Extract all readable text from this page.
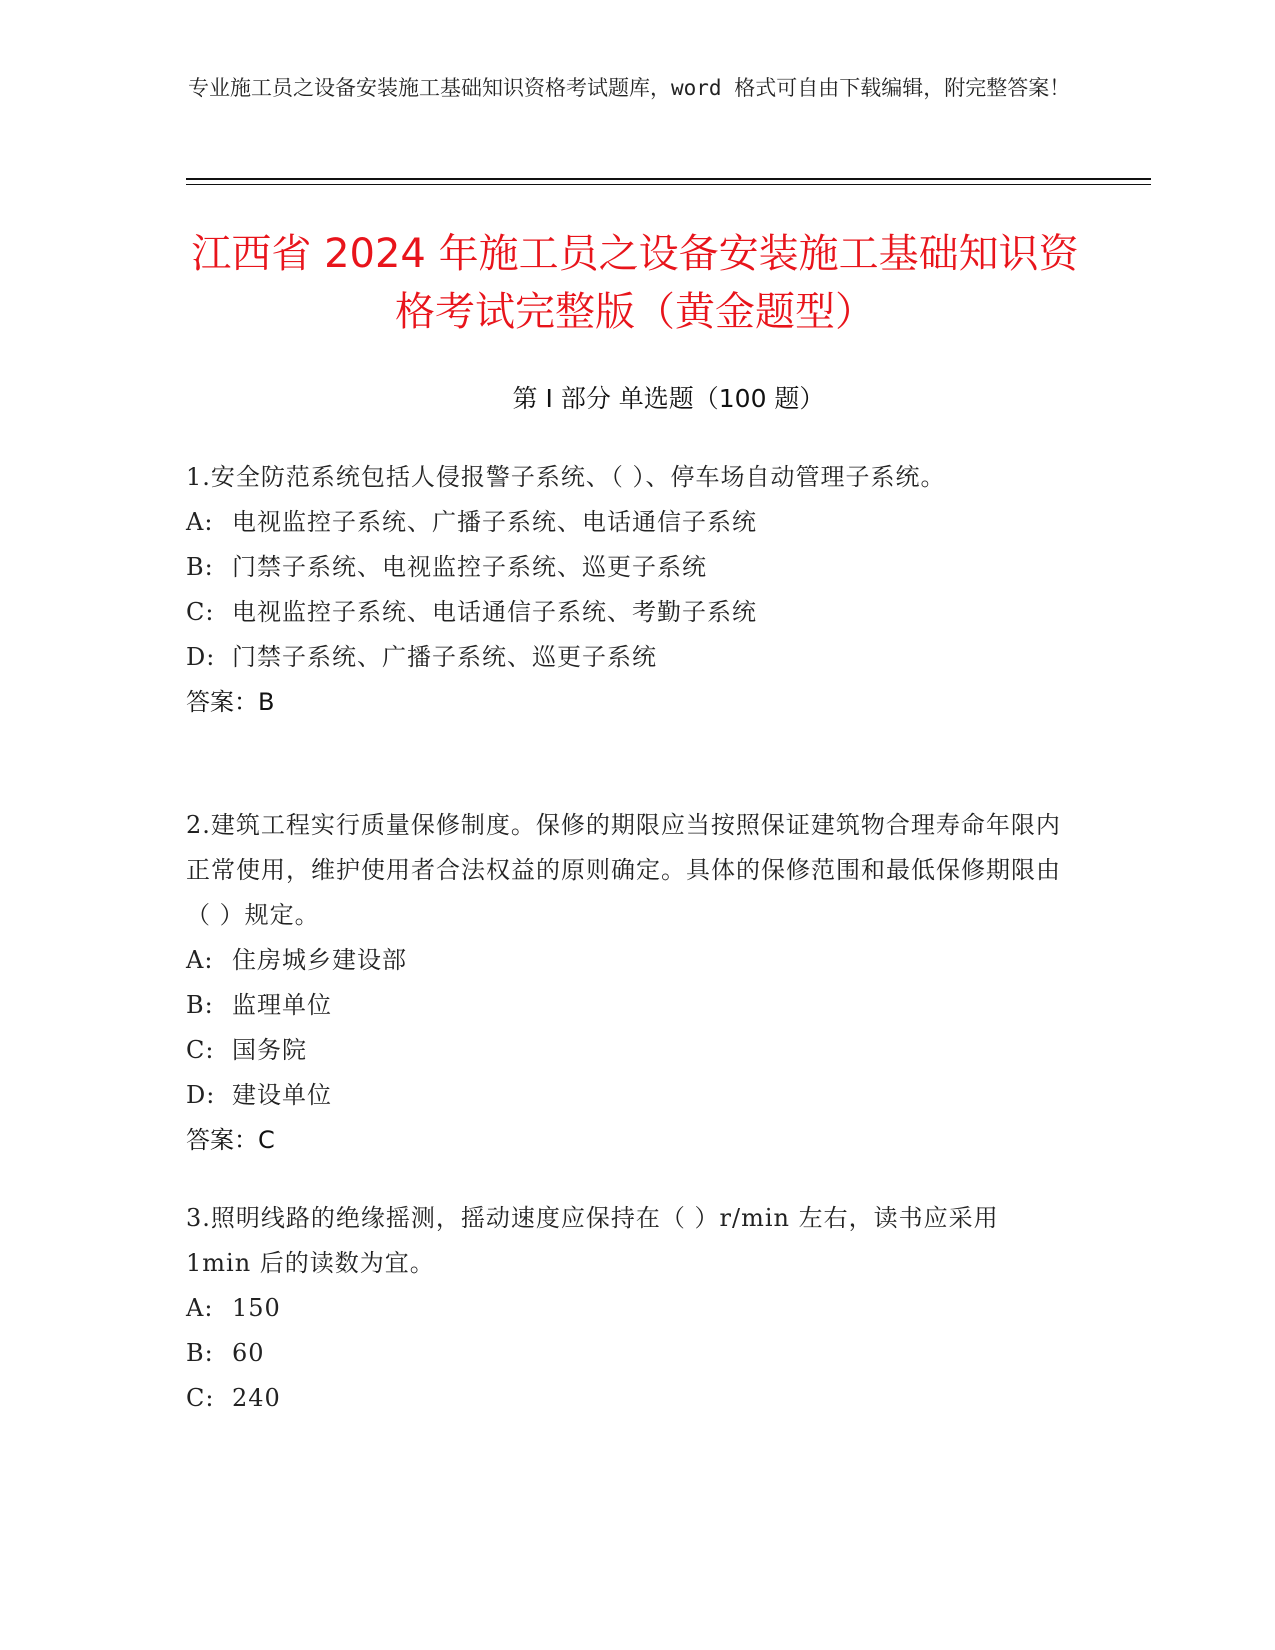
专业施工员之设备安装施工基础知识资格考试题库，word 格式可自由下载编辑，附完整答案！
江西省 2024 年施工员之设备安装施工基础知识资格考试完整版（黄金题型）
第 I 部分 单选题（100 题）
1.安全防范系统包括人侵报警子系统、（ ）、停车场自动管理子系统。
A: 电视监控子系统、广播子系统、电话通信子系统
B: 门禁子系统、电视监控子系统、巡更子系统
C: 电视监控子系统、电话通信子系统、考勤子系统
D: 门禁子系统、广播子系统、巡更子系统
答案：B
2.建筑工程实行质量保修制度。保修的期限应当按照保证建筑物合理寿命年限内正常使用，维护使用者合法权益的原则确定。具体的保修范围和最低保修期限由（ ）规定。
A: 住房城乡建设部
B: 监理单位
C: 国务院
D: 建设单位
答案：C
3.照明线路的绝缘摇测，摇动速度应保持在（ ）r/min 左右，读书应采用 1min 后的读数为宜。
A: 150
B: 60
C: 240
